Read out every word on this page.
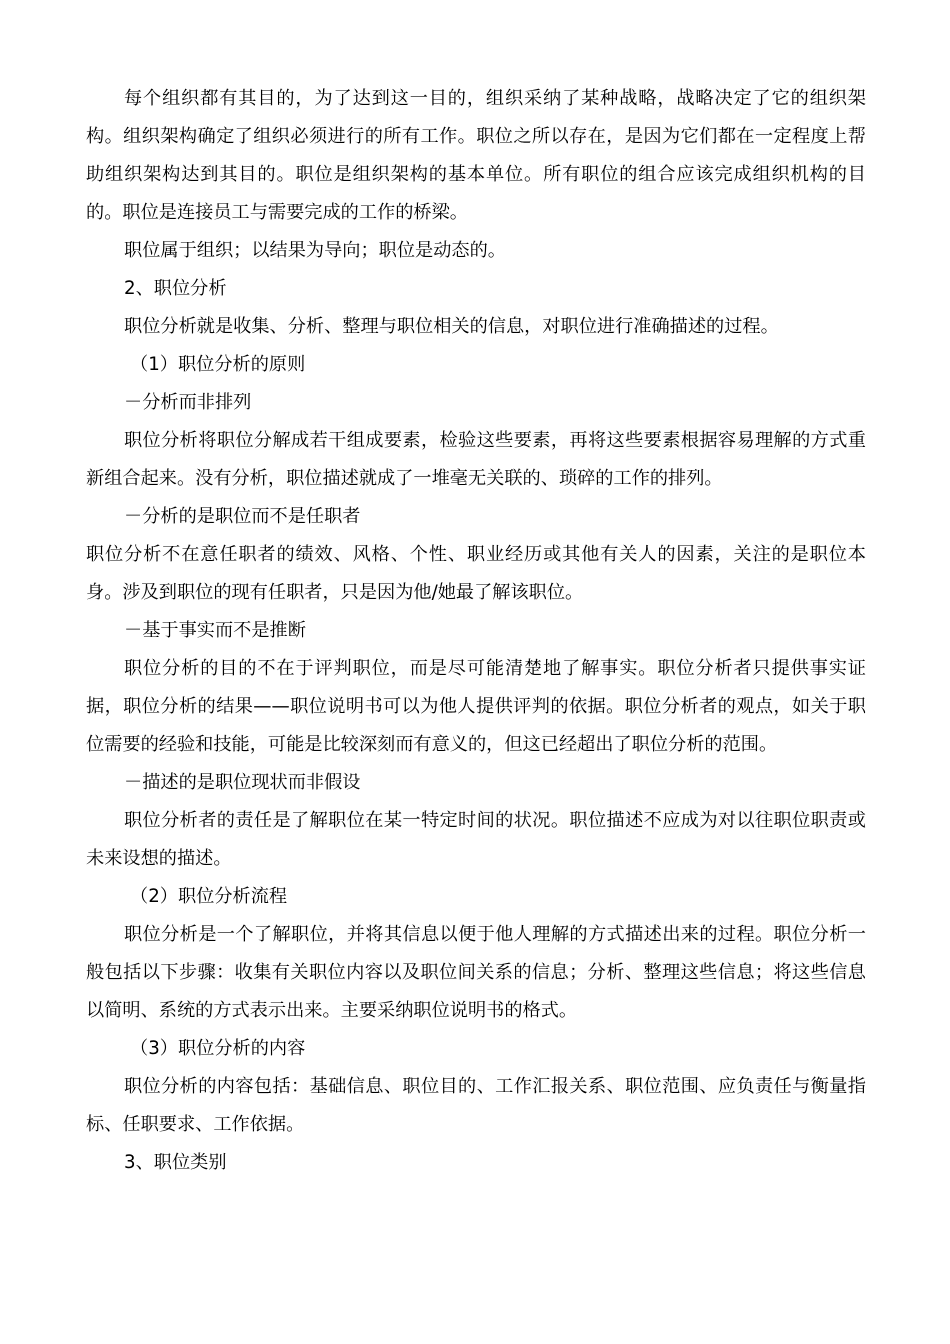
每个组织都有其目的，为了达到这一目的，组织采纳了某种战略，战略决定了它的组织架构。组织架构确定了组织必须进行的所有工作。职位之所以存在，是因为它们都在一定程度上帮助组织架构达到其目的。职位是组织架构的基本单位。所有职位的组合应该完成组织机构的目的。职位是连接员工与需要完成的工作的桥梁。

职位属于组织；以结果为导向；职位是动态的。

2、职位分析

职位分析就是收集、分析、整理与职位相关的信息，对职位进行准确描述的过程。

（1）职位分析的原则

－分析而非排列

职位分析将职位分解成若干组成要素，检验这些要素，再将这些要素根据容易理解的方式重新组合起来。没有分析，职位描述就成了一堆毫无关联的、琐碎的工作的排列。

－分析的是职位而不是任职者

职位分析不在意任职者的绩效、风格、个性、职业经历或其他有关人的因素，关注的是职位本身。涉及到职位的现有任职者，只是因为他/她最了解该职位。

－基于事实而不是推断

职位分析的目的不在于评判职位，而是尽可能清楚地了解事实。职位分析者只提供事实证据，职位分析的结果——职位说明书可以为他人提供评判的依据。职位分析者的观点，如关于职位需要的经验和技能，可能是比较深刻而有意义的，但这已经超出了职位分析的范围。

－描述的是职位现状而非假设

职位分析者的责任是了解职位在某一特定时间的状况。职位描述不应成为对以往职位职责或未来设想的描述。

（2）职位分析流程

职位分析是一个了解职位，并将其信息以便于他人理解的方式描述出来的过程。职位分析一般包括以下步骤：收集有关职位内容以及职位间关系的信息；分析、整理这些信息；将这些信息以简明、系统的方式表示出来。主要采纳职位说明书的格式。

（3）职位分析的内容

职位分析的内容包括：基础信息、职位目的、工作汇报关系、职位范围、应负责任与衡量指标、任职要求、工作依据。

3、职位类别
